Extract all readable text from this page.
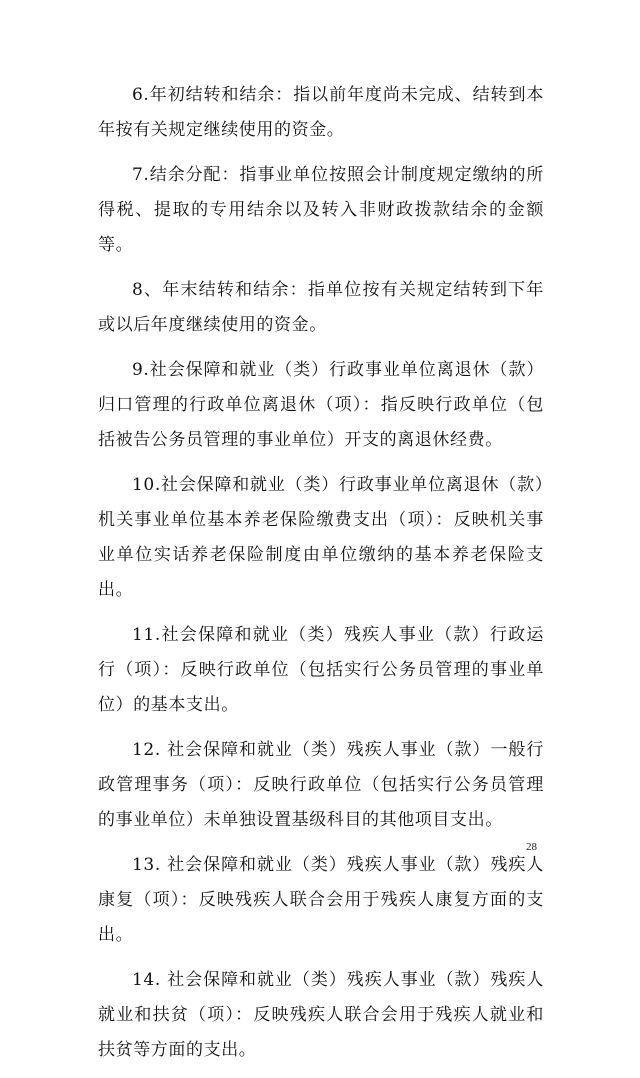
6.年初结转和结余：指以前年度尚未完成、结转到本年按有关规定继续使用的资金。

7.结余分配：指事业单位按照会计制度规定缴纳的所得税、提取的专用结余以及转入非财政拨款结余的金额等。

8、年末结转和结余：指单位按有关规定结转到下年或以后年度继续使用的资金。

9.社会保障和就业（类）行政事业单位离退休（款）归口管理的行政单位离退休（项）：指反映行政单位（包括被告公务员管理的事业单位）开支的离退休经费。

10.社会保障和就业（类）行政事业单位离退休（款）机关事业单位基本养老保险缴费支出（项）：反映机关事业单位实话养老保险制度由单位缴纳的基本养老保险支出。

11.社会保障和就业（类）残疾人事业（款）行政运行（项）：反映行政单位（包括实行公务员管理的事业单位）的基本支出。

12. 社会保障和就业（类）残疾人事业（款）一般行政管理事务（项）：反映行政单位（包括实行公务员管理的事业单位）未单独设置基级科目的其他项目支出。

13. 社会保障和就业（类）残疾人事业（款）残疾人康复（项）：反映残疾人联合会用于残疾人康复方面的支出。

14. 社会保障和就业（类）残疾人事业（款）残疾人就业和扶贫（项）：反映残疾人联合会用于残疾人就业和扶贫等方面的支出。

28
